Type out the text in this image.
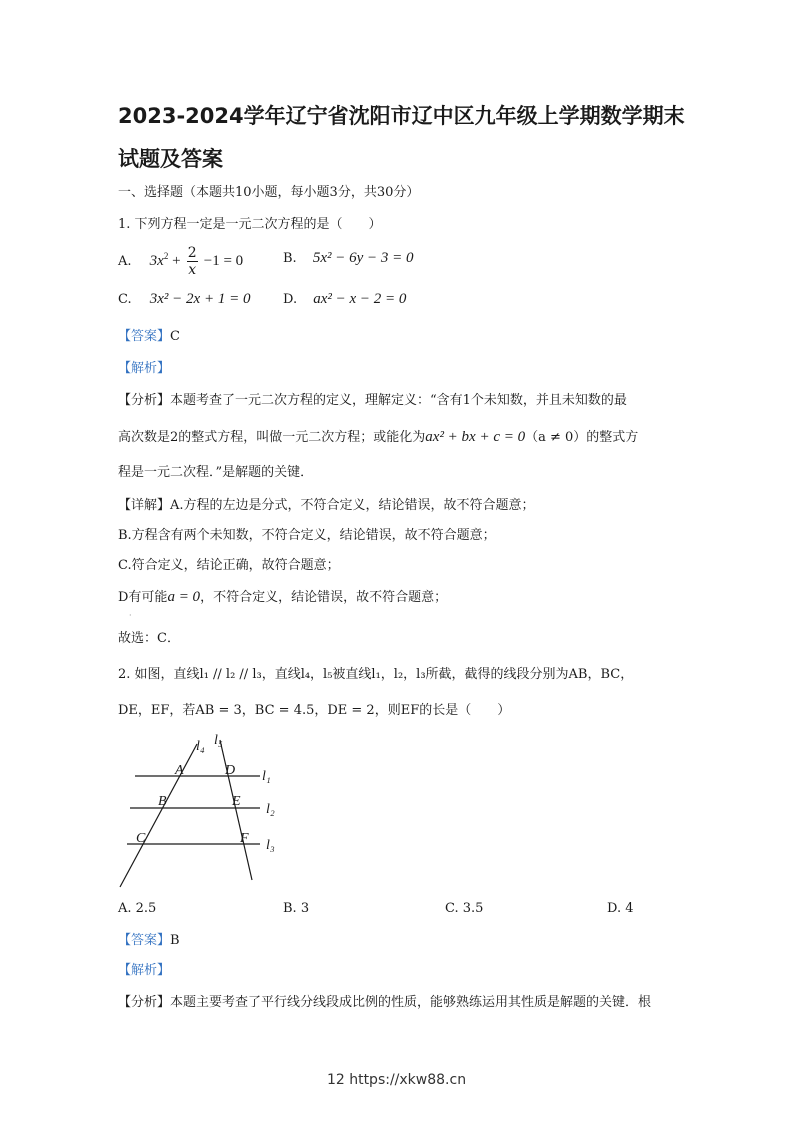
2023-2024学年辽宁省沈阳市辽中区九年级上学期数学期末
试题及答案
一、选择题（本题共10小题，每小题3分，共30分）
1. 下列方程一定是一元二次方程的是（　　）
A. $3x^2 + \frac{2}{x} -1 = 0$	B. 5x² − 6y − 3 = 0
C. 3x² − 2x + 1 = 0	D. ax² − x − 2 = 0
【答案】C
【解析】
【分析】本题考查了一元二次方程的定义，理解定义：“含有1个未知数，并且未知数的最
高次数是2的整式方程，叫做一元二次方程；或能化为ax² + bx + c = 0（a ≠ 0）的整式方
程是一元二次程．”是解题的关键．
【详解】A.方程的左边是分式，不符合定义，结论错误，故不符合题意；
B.方程含有两个未知数，不符合定义，结论错误，故不符合题意；
C.符合定义，结论正确，故符合题意；
D有可能a = 0，不符合定义，结论错误，故不符合题意；
·
故选：C．
2. 如图，直线l₁ // l₂ // l₃，直线l₄，l₅被直线l₁，l₂，l₃所截，截得的线段分别为AB，BC，
DE，EF，若AB = 3，BC = 4.5，DE = 2，则EF的长是（　　）
l₄ l₅
l₁
l₂
l₃
A	D
B	E
C	F
A. 2.5	B. 3	C. 3.5	D. 4
【答案】B
【解析】
【分析】本题主要考查了平行线分线段成比例的性质，能够熟练运用其性质是解题的关键．根
12 https://xkw88.cn
